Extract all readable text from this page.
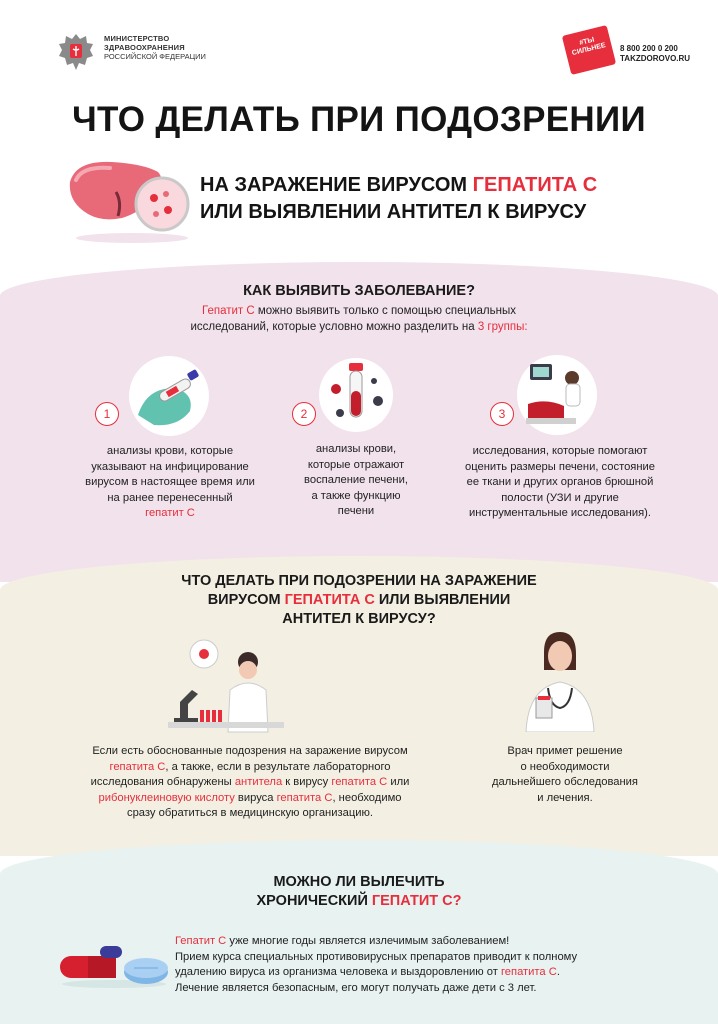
МИНИСТЕРСТВО
ЗДРАВООХРАНЕНИЯ
РОССИЙСКОЙ ФЕДЕРАЦИИ
#ТЫ СИЛЬНЕЕ	8 800 200 0 200
TAKZDOROVO.RU
ЧТО ДЕЛАТЬ ПРИ ПОДОЗРЕНИИ
НА ЗАРАЖЕНИЕ ВИРУСОМ ГЕПАТИТА С
ИЛИ ВЫЯВЛЕНИИ АНТИТЕЛ К ВИРУСУ
КАК ВЫЯВИТЬ ЗАБОЛЕВАНИЕ?
Гепатит С можно выявить только с помощью специальных
исследований, которые условно можно разделить на 3 группы:
1
анализы крови, которые
указывают на инфицирование
вирусом в настоящее время или
на ранее перенесенный
гепатит С
2
анализы крови,
которые отражают
воспаление печени,
а также функцию
печени
3
исследования, которые помогают
оценить размеры печени, состояние
ее ткани и других органов брюшной
полости (УЗИ и другие
инструментальные исследования).
ЧТО ДЕЛАТЬ ПРИ ПОДОЗРЕНИИ НА ЗАРАЖЕНИЕ
ВИРУСОМ ГЕПАТИТА С ИЛИ ВЫЯВЛЕНИИ
АНТИТЕЛ К ВИРУСУ?
Если есть обоснованные подозрения на заражение вирусом
гепатита С, а также, если в результате лабораторного
исследования обнаружены антитела к вирусу гепатита С или
рибонуклеиновую кислоту вируса гепатита С, необходимо
сразу обратиться в медицинскую организацию.
Врач примет решение
о необходимости
дальнейшего обследования
и лечения.
МОЖНО ЛИ ВЫЛЕЧИТЬ
ХРОНИЧЕСКИЙ ГЕПАТИТ С?
Гепатит С уже многие годы является излечимым заболеванием!
Прием курса специальных противовирусных препаратов приводит к полному
удалению вируса из организма человека и выздоровлению от гепатита С.
Лечение является безопасным, его могут получать даже дети с 3 лет.
